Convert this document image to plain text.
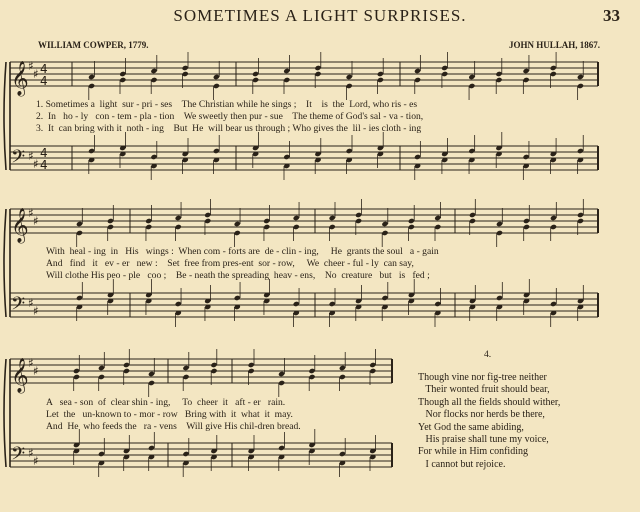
SOMETIMES A LIGHT SURPRISES.	33
WILLIAM COWPER, 1779.	JOHN HULLAH, 1867.
𝄞
𝄢
♯
♯
♯
♯
4
4
4
4
𝄞
𝄢
♯
♯
♯
♯
𝄞
𝄢
♯
♯
♯
♯
1. Sometimes a  light  sur - pri - ses    The Christian while he sings ;    It    is  the  Lord, who ris - es
2.  In   ho - ly   con - tem - pla - tion    We sweetly then pur - sue    The theme of God's sal - va - tion,
3.  It  can bring with it  noth - ing    But  He  will bear us through ; Who gives the  lil - ies cloth - ing
With  heal - ing  in   His   wings :  When com - forts are  de - clin - ing,     He  grants the soul   a - gain
And   find   it   ev - er   new :    Set  free from pres-ent  sor - row,     We  cheer - ful - ly  can say,
Will clothe His peo - ple   coo ;    Be - neath the spreading  heav - ens,    No  creature   but   is   fed ;
A   sea - son  of  clear shin - ing,     To  cheer  it   aft - er   rain.
Let  the   un-known to - mor - row   Bring with  it  what  it  may.
And  He  who feeds the   ra - vens    Will give His chil-dren bread.
4.
Though vine nor fig-tree neither
Their wonted fruit should bear,
Though all the fields should wither,
Nor flocks nor herds be there,
Yet God the same abiding,
His praise shall tune my voice,
For while in Him confiding
I cannot but rejoice.
